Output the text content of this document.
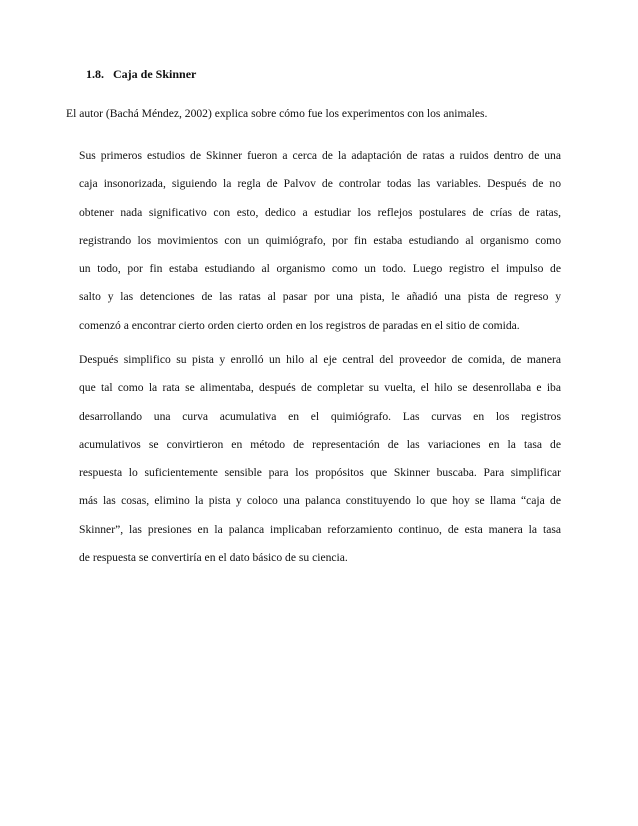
1.8. Caja de Skinner
El autor (Bachá Méndez, 2002) explica sobre cómo fue los experimentos con los animales.

Sus primeros estudios de Skinner fueron a cerca de la adaptación de ratas a ruidos dentro de una
caja insonorizada, siguiendo la regla de Palvov de controlar todas las variables. Después de no
obtener nada significativo con esto, dedico a estudiar los reflejos postulares de crías de ratas,
registrando los movimientos con un quimiógrafo, por fin estaba estudiando al organismo como
un todo, por fin estaba estudiando al organismo como un todo. Luego registro el impulso de
salto y las detenciones de las ratas al pasar por una pista, le añadió una pista de regreso y
comenzó a encontrar cierto orden cierto orden en los registros de paradas en el sitio de comida.

Después simplifico su pista y enrolló un hilo al eje central del proveedor de comida, de manera
que tal como la rata se alimentaba, después de completar su vuelta, el hilo se desenrollaba e iba
desarrollando una curva acumulativa en el quimiógrafo. Las curvas en los registros
acumulativos se convirtieron en método de representación de las variaciones en la tasa de
respuesta lo suficientemente sensible para los propósitos que Skinner buscaba. Para simplificar
más las cosas, elimino la pista y coloco una palanca constituyendo lo que hoy se llama “caja de
Skinner”, las presiones en la palanca implicaban reforzamiento continuo, de esta manera la tasa
de respuesta se convertiría en el dato básico de su ciencia.
